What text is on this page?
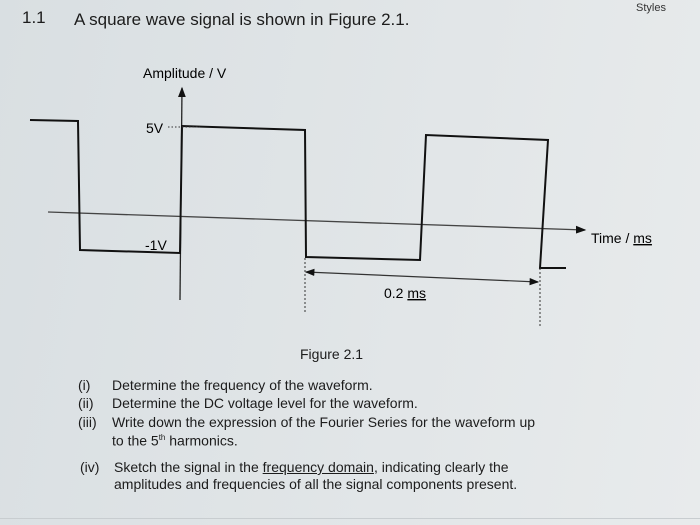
Styles
1.1 A square wave signal is shown in Figure 2.1.
Amplitude / V
5V
-1V	Time / ms
0.2 ms
Figure 2.1
(i) Determine the frequency of the waveform.
(ii) Determine the DC voltage level for the waveform.
(iii) Write down the expression of the Fourier Series for the waveform up
to the 5th harmonics.
(iv) Sketch the signal in the frequency domain, indicating clearly the
amplitudes and frequencies of all the signal components present.
